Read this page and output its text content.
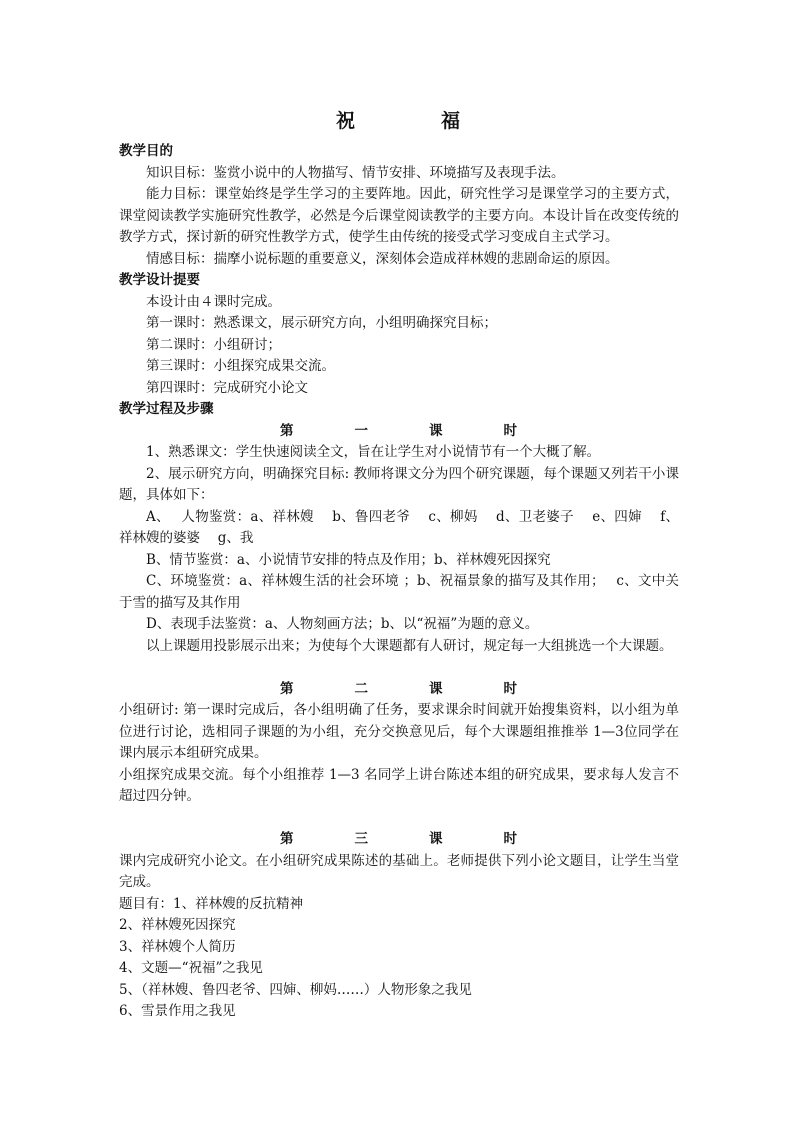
祝	福
教学目的
知识目标：鉴赏小说中的人物描写、情节安排、环境描写及表现手法。
能力目标：课堂始终是学生学习的主要阵地。因此，研究性学习是课堂学习的主要方式，课堂阅读教学实施研究性教学，必然是今后课堂阅读教学的主要方向。本设计旨在改变传统的教学方式，探讨新的研究性教学方式，使学生由传统的接受式学习变成自主式学习。
情感目标：揣摩小说标题的重要意义，深刻体会造成祥林嫂的悲剧命运的原因。
教学设计提要
本设计由４课时完成。
第一课时：熟悉课文，展示研究方向，小组明确探究目标；
第二课时：小组研讨；
第三课时：小组探究成果交流。
第四课时：完成研究小论文
教学过程及步骤
第	一	课	时
1、熟悉课文：学生快速阅读全文，旨在让学生对小说情节有一个大概了解。
2、展示研究方向，明确探究目标: 教师将课文分为四个研究课题，每个课题又列若干小课题，具体如下：
A、　 人物鉴赏：a、祥林嫂　 b、鲁四老爷　 c、柳妈　 d、卫老婆子　 e、四婶　 f、祥林嫂的婆婆　 g、我
B、情节鉴赏：a、小说情节安排的特点及作用；b、祥林嫂死因探究
C、环境鉴赏：a、祥林嫂生活的社会环境 ；b、祝福景象的描写及其作用；　 c、文中关于雪的描写及其作用
D、表现手法鉴赏：a、人物刻画方法；b、以“祝福”为题的意义。
以上课题用投影展示出来；为使每个大课题都有人研讨，规定每一大组挑选一个大课题。
第	二	课	时
小组研讨: 第一课时完成后，各小组明确了任务，要求课余时间就开始搜集资料，以小组为单位进行讨论，选相同子课题的为小组，充分交换意见后，每个大课题组推推举 1—3位同学在课内展示本组研究成果。
小组探究成果交流。每个小组推荐 1—3 名同学上讲台陈述本组的研究成果，要求每人发言不超过四分钟。
第	三	课	时
课内完成研究小论文。在小组研究成果陈述的基础上。老师提供下列小论文题目，让学生当堂完成。
题目有：1、祥林嫂的反抗精神
2、祥林嫂死因探究
3、祥林嫂个人简历
4、文题—“祝福”之我见
5、（祥林嫂、鲁四老爷、四婶、柳妈……）人物形象之我见
6、雪景作用之我见
